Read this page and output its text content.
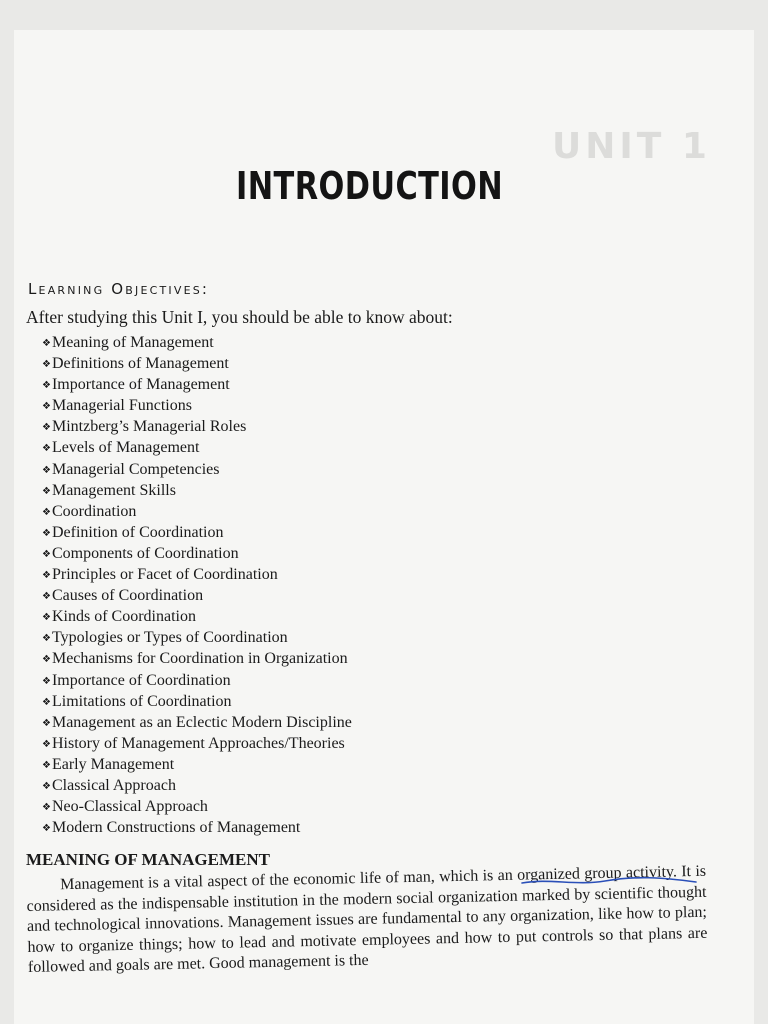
UNIT 1
INTRODUCTION
Learning Objectives:
After studying this Unit I, you should be able to know about:
❖Meaning of Management
❖Definitions of Management
❖Importance of Management
❖Managerial Functions
❖Mintzberg’s Managerial Roles
❖Levels of Management
❖Managerial Competencies
❖Management Skills
❖Coordination
❖Definition of Coordination
❖Components of Coordination
❖Principles or Facet of Coordination
❖Causes of Coordination
❖Kinds of Coordination
❖Typologies or Types of Coordination
❖Mechanisms for Coordination in Organization
❖Importance of Coordination
❖Limitations of Coordination
❖Management as an Eclectic Modern Discipline
❖History of Management Approaches/Theories
❖Early Management
❖Classical Approach
❖Neo-Classical Approach
❖Modern Constructions of Management
MEANING OF MANAGEMENT

Management is a vital aspect of the economic life of man, which is an organized group activity. It is considered as the indispensable institution in the modern social organization marked by scientific thought and technological innovations. Management issues are fundamental to any organization, like how to plan; how to organize things; how to lead and motivate employees and how to put controls so that plans are followed and goals are met. Good management is the
